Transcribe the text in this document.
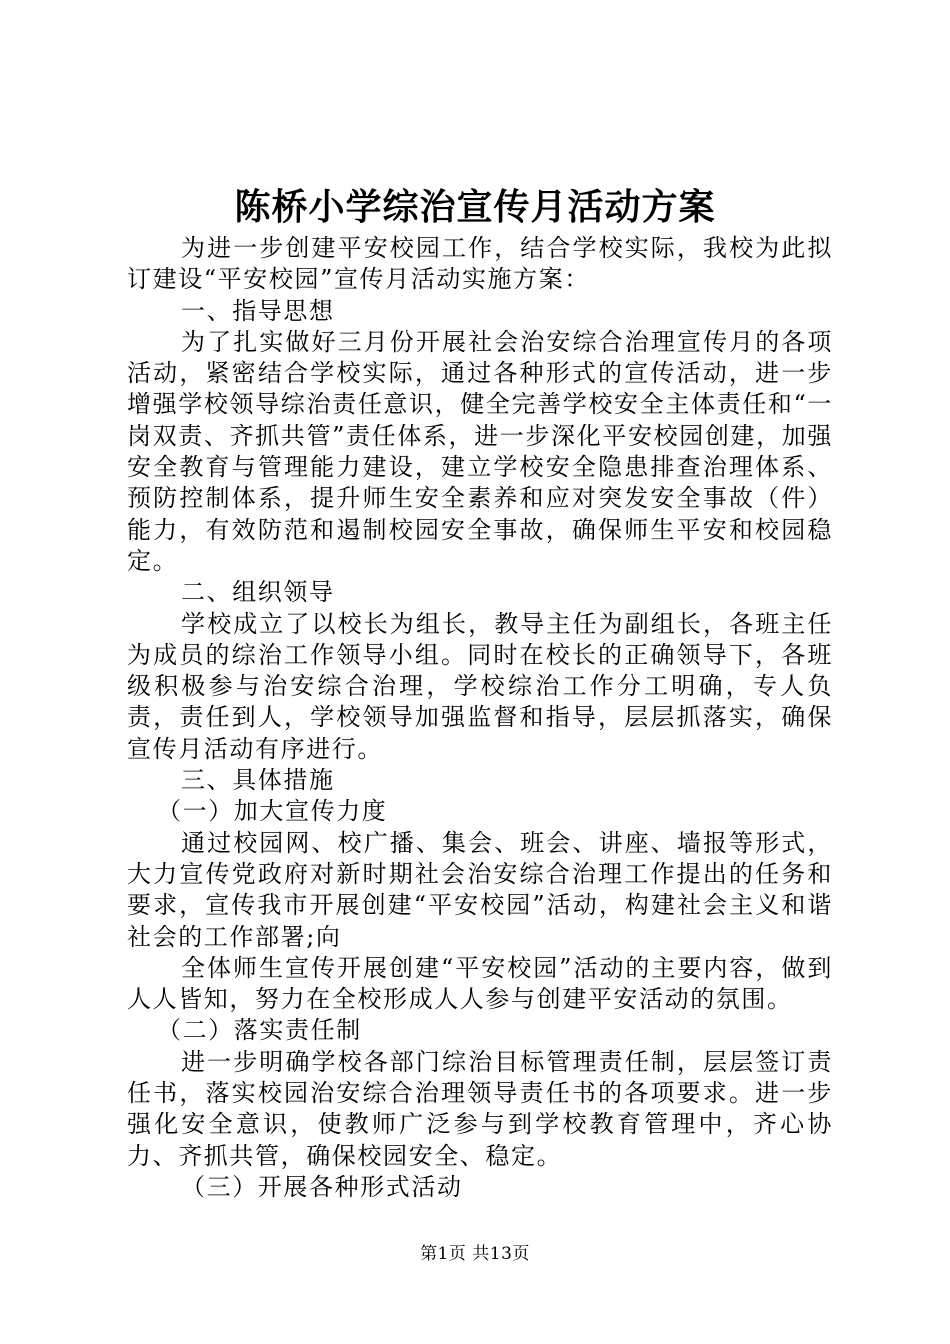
陈桥小学综治宣传月活动方案

为进一步创建平安校园工作，结合学校实际，我校为此拟订建设“平安校园”宣传月活动实施方案：

一、指导思想

为了扎实做好三月份开展社会治安综合治理宣传月的各项活动，紧密结合学校实际，通过各种形式的宣传活动，进一步增强学校领导综治责任意识，健全完善学校安全主体责任和“一岗双责、齐抓共管”责任体系，进一步深化平安校园创建，加强安全教育与管理能力建设，建立学校安全隐患排查治理体系、预防控制体系，提升师生安全素养和应对突发安全事故（件）能力，有效防范和遏制校园安全事故，确保师生平安和校园稳定。

二、组织领导

学校成立了以校长为组长，教导主任为副组长，各班主任为成员的综治工作领导小组。同时在校长的正确领导下，各班级积极参与治安综合治理，学校综治工作分工明确，专人负责，责任到人，学校领导加强监督和指导，层层抓落实，确保宣传月活动有序进行。

三、具体措施

（一）加大宣传力度

通过校园网、校广播、集会、班会、讲座、墙报等形式，大力宣传党政府对新时期社会治安综合治理工作提出的任务和要求，宣传我市开展创建“平安校园”活动，构建社会主义和谐社会的工作部署;向

全体师生宣传开展创建“平安校园”活动的主要内容，做到人人皆知，努力在全校形成人人参与创建平安活动的氛围。

（二）落实责任制

进一步明确学校各部门综治目标管理责任制，层层签订责任书，落实校园治安综合治理领导责任书的各项要求。进一步强化安全意识，使教师广泛参与到学校教育管理中，齐心协力、齐抓共管，确保校园安全、稳定。

（三）开展各种形式活动

第1页 共13页
